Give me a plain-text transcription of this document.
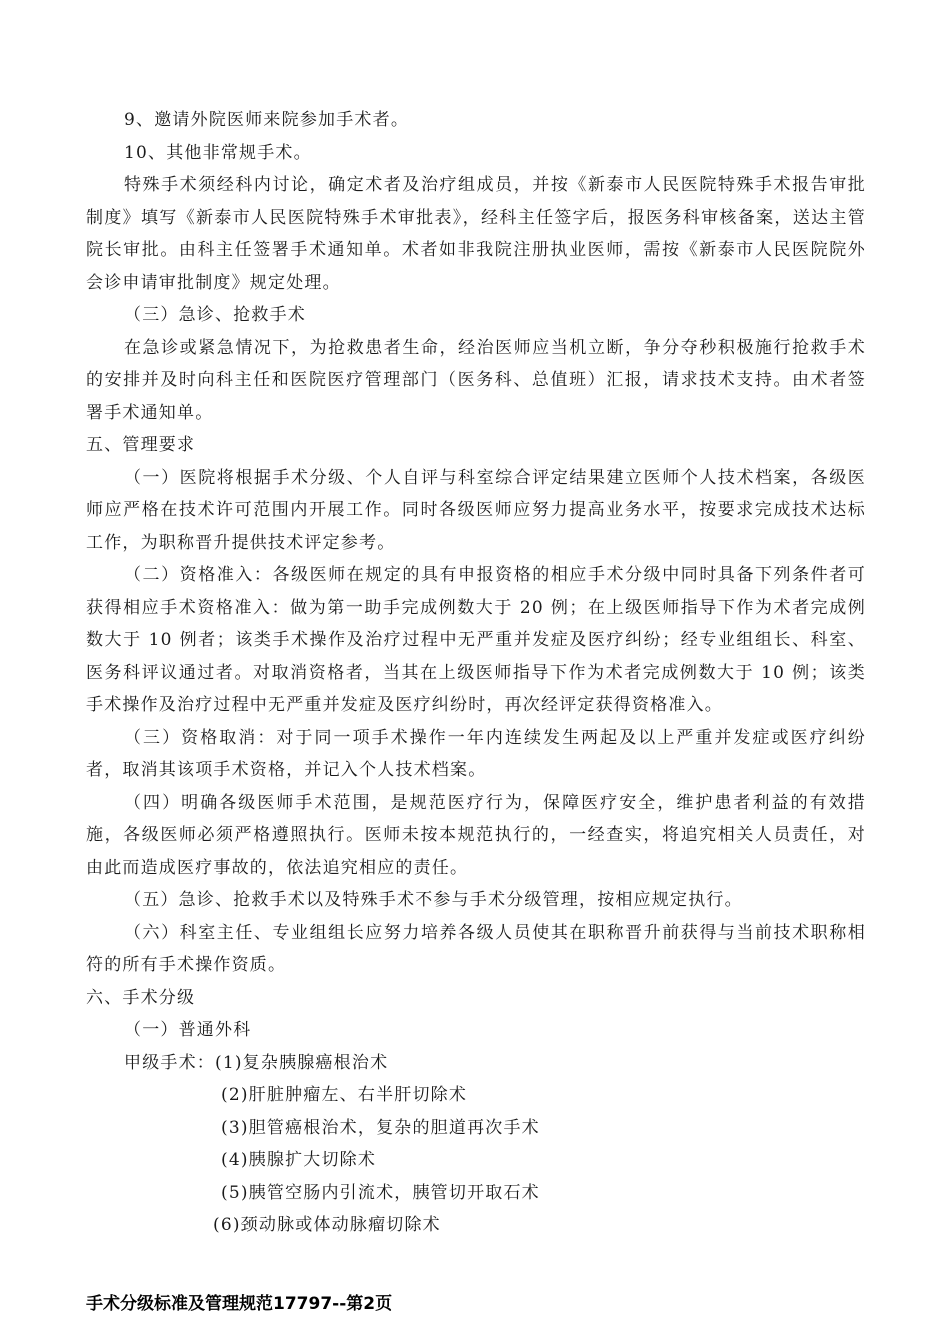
9、邀请外院医师来院参加手术者。
10、其他非常规手术。
特殊手术须经科内讨论，确定术者及治疗组成员，并按《新泰市人民医院特殊手术报告审批制度》填写《新泰市人民医院特殊手术审批表》，经科主任签字后，报医务科审核备案，送达主管院长审批。由科主任签署手术通知单。术者如非我院注册执业医师，需按《新泰市人民医院院外会诊申请审批制度》规定处理。
（三）急诊、抢救手术
在急诊或紧急情况下，为抢救患者生命，经治医师应当机立断，争分夺秒积极施行抢救手术的安排并及时向科主任和医院医疗管理部门（医务科、总值班）汇报，请求技术支持。由术者签署手术通知单。
五、管理要求
（一）医院将根据手术分级、个人自评与科室综合评定结果建立医师个人技术档案，各级医师应严格在技术许可范围内开展工作。同时各级医师应努力提高业务水平，按要求完成技术达标工作，为职称晋升提供技术评定参考。
（二）资格准入：各级医师在规定的具有申报资格的相应手术分级中同时具备下列条件者可获得相应手术资格准入：做为第一助手完成例数大于 20 例；在上级医师指导下作为术者完成例数大于 10 例者；该类手术操作及治疗过程中无严重并发症及医疗纠纷；经专业组组长、科室、医务科评议通过者。对取消资格者，当其在上级医师指导下作为术者完成例数大于 10 例；该类手术操作及治疗过程中无严重并发症及医疗纠纷时，再次经评定获得资格准入。
（三）资格取消：对于同一项手术操作一年内连续发生两起及以上严重并发症或医疗纠纷者，取消其该项手术资格，并记入个人技术档案。
（四）明确各级医师手术范围，是规范医疗行为，保障医疗安全，维护患者利益的有效措施，各级医师必须严格遵照执行。医师未按本规范执行的，一经查实，将追究相关人员责任，对由此而造成医疗事故的，依法追究相应的责任。
（五）急诊、抢救手术以及特殊手术不参与手术分级管理，按相应规定执行。
（六）科室主任、专业组组长应努力培养各级人员使其在职称晋升前获得与当前技术职称相符的所有手术操作资质。
六、手术分级
（一）普通外科
甲级手术：(1)复杂胰腺癌根治术
(2)肝脏肿瘤左、右半肝切除术
(3)胆管癌根治术，复杂的胆道再次手术
(4)胰腺扩大切除术
(5)胰管空肠内引流术，胰管切开取石术
(6)颈动脉或体动脉瘤切除术
手术分级标准及管理规范17797--第2页
